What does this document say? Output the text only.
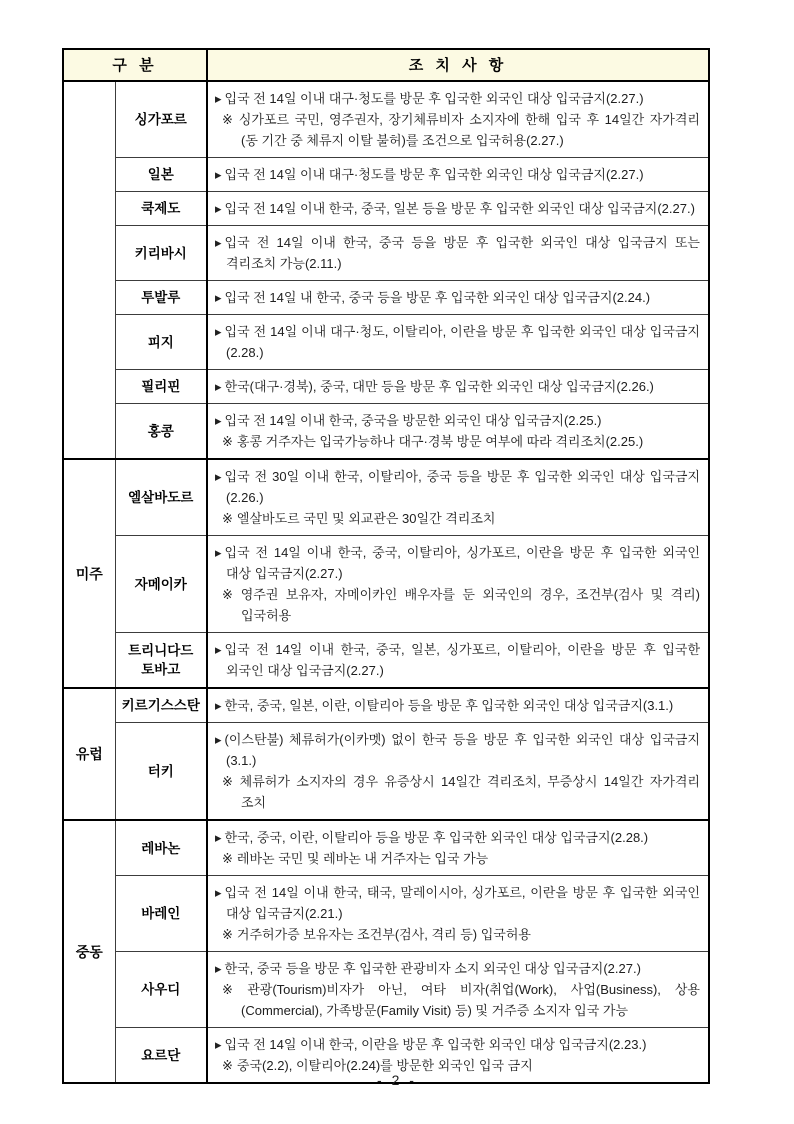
구 분		조 치 사 항
	싱가포르	▸ 입국 전 14일 이내 대구·청도를 방문 후 입국한 외국인 대상 입국금지(2.27.)
※ 싱가포르 국민, 영주권자, 장기체류비자 소지자에 한해 입국 후 14일간 자가격리 (동 기간 중 체류지 이탈 불허)를 조건으로 입국허용(2.27.)

	일본	▸ 입국 전 14일 이내 대구·청도를 방문 후 입국한 외국인 대상 입국금지(2.27.)

	쿡제도	▸ 입국 전 14일 이내 한국, 중국, 일본 등을 방문 후 입국한 외국인 대상 입국금지(2.27.)

	키리바시	▸ 입국 전 14일 이내 한국, 중국 등을 방문 후 입국한 외국인 대상 입국금지 또는 격리조치 가능(2.11.)

	투발루	▸ 입국 전 14일 내 한국, 중국 등을 방문 후 입국한 외국인 대상 입국금지(2.24.)

	피지	▸ 입국 전 14일 이내 대구·청도, 이탈리아, 이란을 방문 후 입국한 외국인 대상 입국금지(2.28.)

	필리핀	▸ 한국(대구·경북), 중국, 대만 등을 방문 후 입국한 외국인 대상 입국금지(2.26.)

	홍콩	▸ 입국 전 14일 이내 한국, 중국을 방문한 외국인 대상 입국금지(2.25.)
※ 홍콩 거주자는 입국가능하나 대구·경북 방문 여부에 따라 격리조치(2.25.)

미주	엘살바도르	▸ 입국 전 30일 이내 한국, 이탈리아, 중국 등을 방문 후 입국한 외국인 대상 입국금지(2.26.)
※ 엘살바도르 국민 및 외교관은 30일간 격리조치

	자메이카	▸ 입국 전 14일 이내 한국, 중국, 이탈리아, 싱가포르, 이란을 방문 후 입국한 외국인 대상 입국금지(2.27.)
※ 영주권 보유자, 자메이카인 배우자를 둔 외국인의 경우, 조건부(검사 및 격리) 입국허용

	트리니다드 토바고	▸ 입국 전 14일 이내 한국, 중국, 일본, 싱가포르, 이탈리아, 이란을 방문 후 입국한 외국인 대상 입국금지(2.27.)

유럽	키르기스스탄	▸ 한국, 중국, 일본, 이란, 이탈리아 등을 방문 후 입국한 외국인 대상 입국금지(3.1.)

	터키	▸ (이스탄불) 체류허가(이카멧) 없이 한국 등을 방문 후 입국한 외국인 대상 입국금지(3.1.)
※ 체류허가 소지자의 경우 유증상시 14일간 격리조치, 무증상시 14일간 자가격리 조치

중동	레바논	▸ 한국, 중국, 이란, 이탈리아 등을 방문 후 입국한 외국인 대상 입국금지(2.28.)
※ 레바논 국민 및 레바논 내 거주자는 입국 가능

	바레인	▸ 입국 전 14일 이내 한국, 태국, 말레이시아, 싱가포르, 이란을 방문 후 입국한 외국인 대상 입국금지(2.21.)
※ 거주허가증 보유자는 조건부(검사, 격리 등) 입국허용

	사우디	▸ 한국, 중국 등을 방문 후 입국한 관광비자 소지 외국인 대상 입국금지(2.27.)
※ 관광(Tourism)비자가 아닌, 여타 비자(취업(Work), 사업(Business), 상용(Commercial), 가족방문(Family Visit) 등) 및 거주증 소지자 입국 가능

	요르단	▸ 입국 전 14일 이내 한국, 이란을 방문 후 입국한 외국인 대상 입국금지(2.23.)
※ 중국(2.2), 이탈리아(2.24)를 방문한 외국인 입국 금지
- 2 -
